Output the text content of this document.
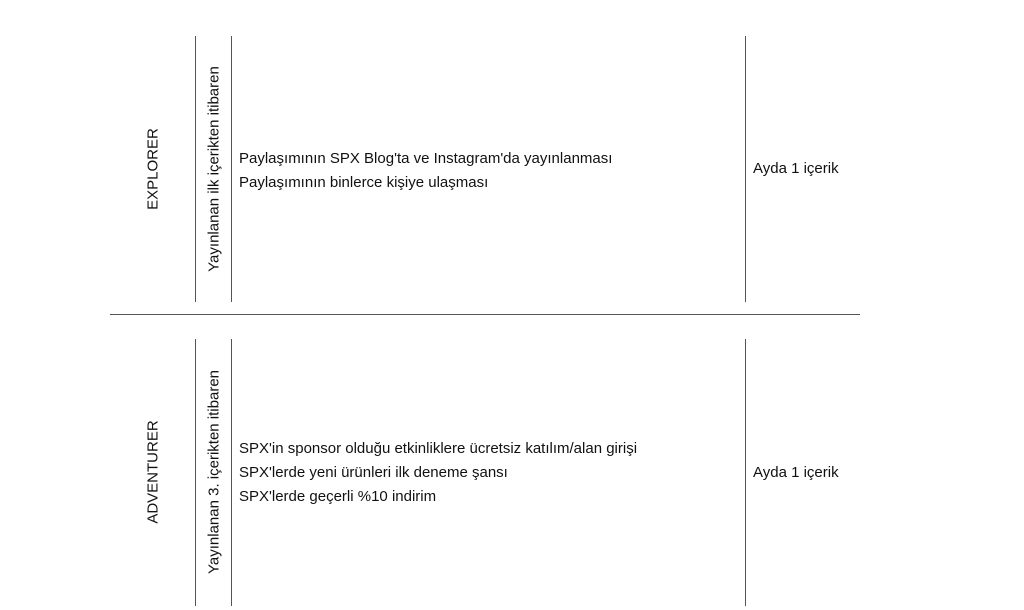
EXPLORER	Yayınlanan ilk içerikten itibaren Paylaşımının SPX Blog'ta ve Instagram'da yayınlanması
Paylaşımının binlerce kişiye ulaşması
Ayda 1 içerik
ADVENTURER	Yayınlanan 3. içerikten itibaren SPX'in sponsor olduğu etkinliklere ücretsiz katılım/alan girişi
SPX'lerde yeni ürünleri ilk deneme şansı
SPX'lerde geçerli %10 indirim
Ayda 1 içerik
